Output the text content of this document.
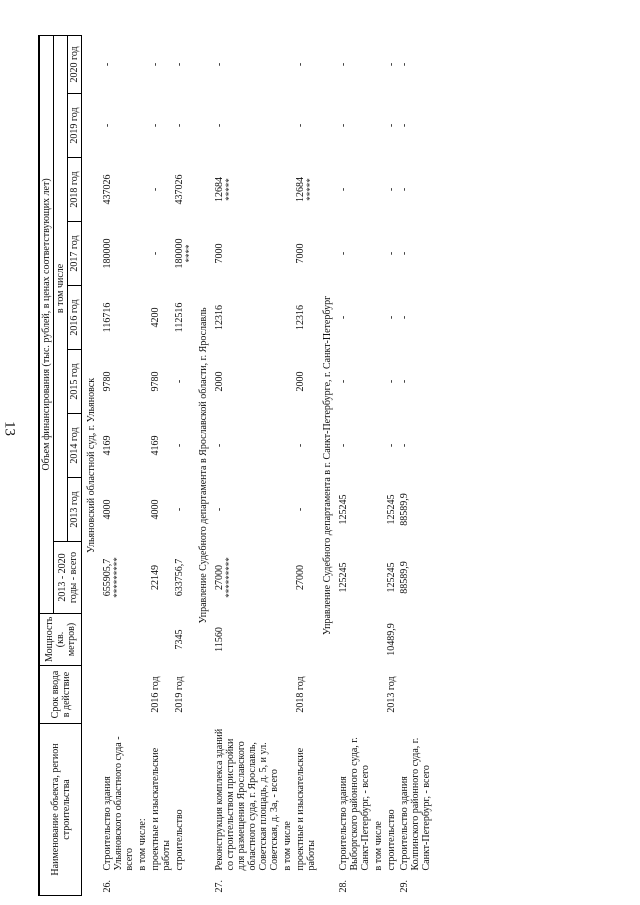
13
Наименование объекта, регион строительства		Срок ввода в действие	Мощность (кв. метров)	Объем финансирования (тыс. рублей, в ценах соответствующих лет)								
				2013 - 2020 годы - всего	в том числе							
					2013 год	2014 год	2015 год	2016 год	2017 год	2018 год	2019 год	2020 год
Ульяновский областной суд, г. Ульяновск												
26.	Строительство здания Ульяновского областного суда - всего			655905,7 *********	4000	4169	9780	116716	180000	437026	-	-
	в том числе:											
	проектные и изыскательские работы	2016 год		22149	4000	4169	9780	4200	-	-	-	-
	строительство	2019 год	7345	633756,7	-	-	-	112516	180000 ****	437026	-	-
Управление Судебного департамента в Ярославской области, г. Ярославль												
27.	Реконструкция комплекса зданий со строительством пристройки для размещения Ярославского областного суда, г. Ярославль, Советская площадь, д. 5, и ул. Советская, д. 3а, - всего		11560	27000 *********	-	-	2000	12316	7000	12684 *****	-	-
	в том числе											
	проектные и изыскательские работы	2018 год		27000	-	-	2000	12316	7000	12684 *****	-	-
Управление Судебного департамента в г. Санкт-Петербурге, г. Санкт-Петербург												
28.	Строительство здания Выборгского районного суда, г. Санкт-Петербург, - всего			125245	125245	-	-	-	-	-	-	-
	в том числе											
	строительство	2013 год	10489,9	125245	125245	-	-	-	-	-	-	-
29.	Строительство здания Колпинского районного суда, г. Санкт-Петербург, - всего			88589,9	88589,9	-	-	-	-	-	-	-
